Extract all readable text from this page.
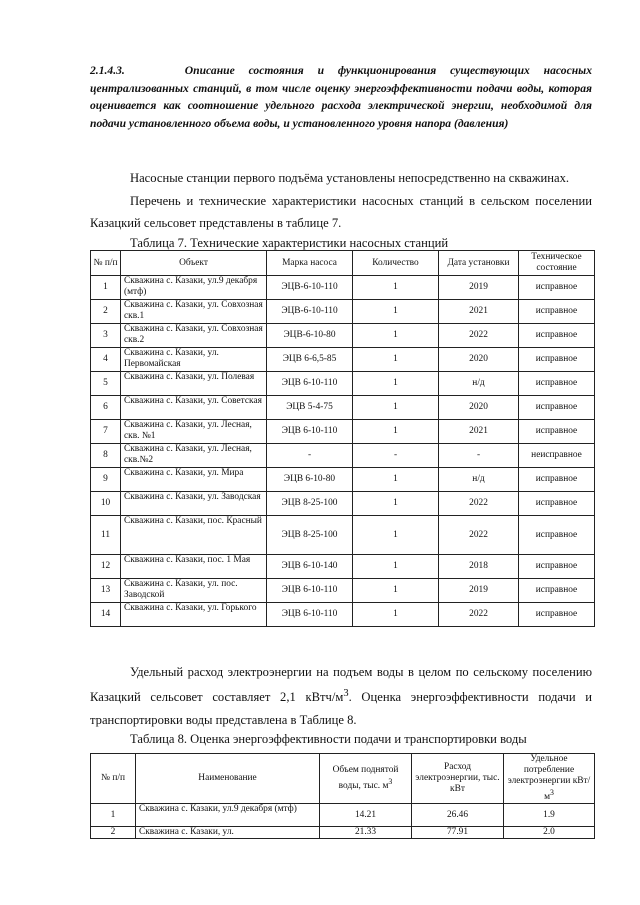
2.1.4.3.	Описание состояния и функционирования существующих насосных централизованных станций, в том числе оценку энергоэффективности подачи воды, которая оценивается как соотношение удельного расхода электрической энергии, необходимой для подачи установленного объема воды, и установленного уровня напора (давления)
Насосные станции первого подъёма установлены непосредственно на скважинах.
Перечень и технические характеристики насосных станций в сельском поселении Казацкий сельсовет представлены в таблице 7.
Таблица 7. Технические характеристики насосных станций
№ п/п	Объект	Марка насоса	Количество	Дата установки	Техническое состояние
1	Скважина с. Казаки, ул.9 декабря (мтф)	ЭЦВ-6-10-110	1	2019	исправное
2	Скважина с. Казаки, ул. Совхозная скв.1	ЭЦВ-6-10-110	1	2021	исправное
3	Скважина с. Казаки, ул. Совхозная скв.2	ЭЦВ-6-10-80	1	2022	исправное
4	Скважина с. Казаки, ул. Первомайская	ЭЦВ 6-6,5-85	1	2020	исправное
5	Скважина с. Казаки, ул. Полевая	ЭЦВ 6-10-110	1	н/д	исправное
6	Скважина с. Казаки, ул. Советская	ЭЦВ 5-4-75	1	2020	исправное
7	Скважина с. Казаки, ул. Лесная, скв. №1	ЭЦВ 6-10-110	1	2021	исправное
8	Скважина с. Казаки, ул. Лесная, скв.№2	-	-	-	неисправное
9	Скважина с. Казаки, ул. Мира	ЭЦВ 6-10-80	1	н/д	исправное
10	Скважина с. Казаки, ул. Заводская	ЭЦВ 8-25-100	1	2022	исправное
11	Скважина с. Казаки, пос. Красный	ЭЦВ 8-25-100	1	2022	исправное
12	Скважина с. Казаки, пос. 1 Мая	ЭЦВ 6-10-140	1	2018	исправное
13	Скважина с. Казаки, ул. пос. Заводской	ЭЦВ 6-10-110	1	2019	исправное
14	Скважина с. Казаки, ул. Горького	ЭЦВ 6-10-110	1	2022	исправное
Удельный расход электроэнергии на подъем воды в целом по сельскому поселению Казацкий сельсовет составляет 2,1 кВтч/$м^3$. Оценка энергоэффективности подачи и транспортировки воды представлена в Таблице 8.
Таблица 8. Оценка энергоэффективности подачи и транспортировки воды
№ п/п	Наименование	Объем поднятой воды, тыс. $м^3$	Расход электроэнергии, тыс. кВт	Удельное потребление электроэнергии кВт/$м^3$
1	Скважина с. Казаки, ул.9 декабря (мтф)	14.21	26.46	1.9
2	Скважина с. Казаки, ул.	21.33	77.91	2.0
